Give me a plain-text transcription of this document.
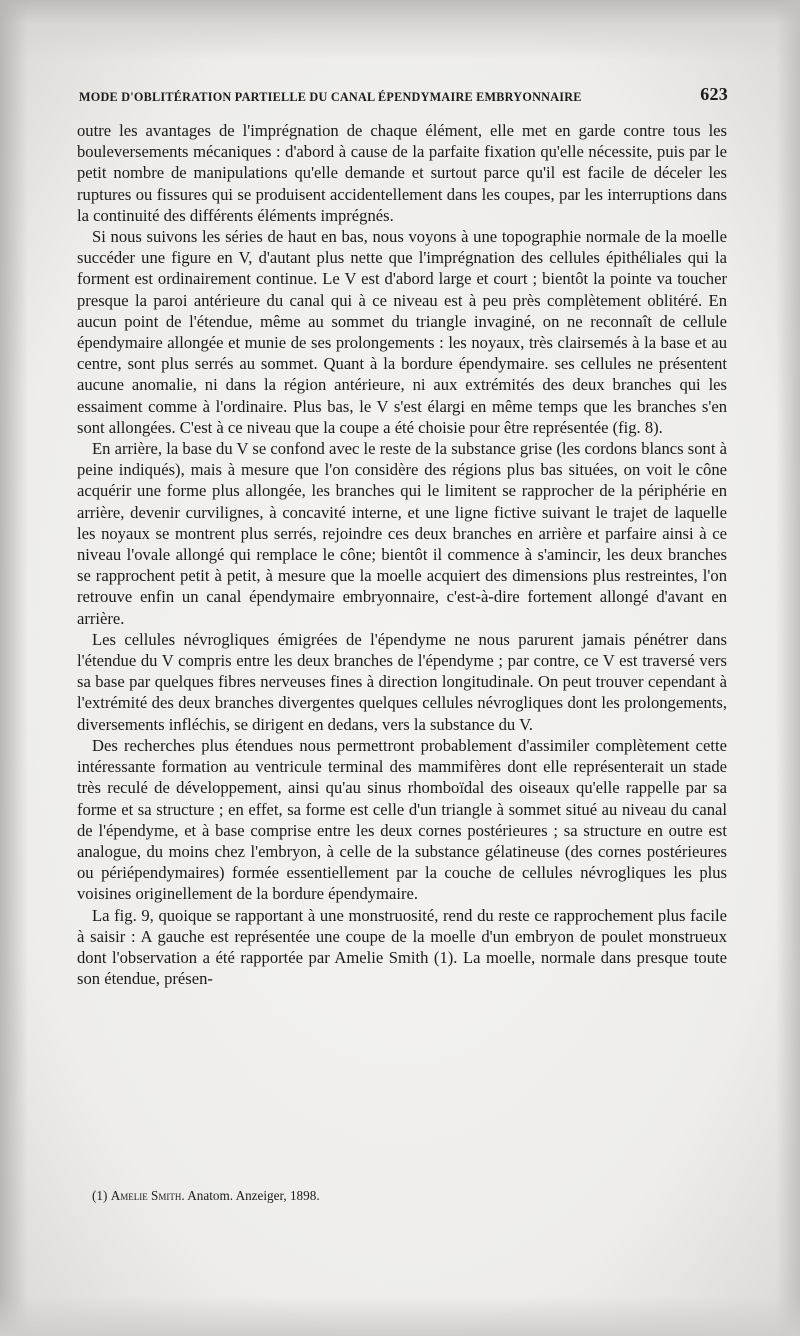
MODE D'OBLITÉRATION PARTIELLE DU CANAL ÉPENDYMAIRE EMBRYONNAIRE	623

outre les avantages de l'imprégnation de chaque élément, elle met en garde contre tous les bouleversements mécaniques : d'abord à cause de la parfaite fixation qu'elle nécessite, puis par le petit nombre de manipulations qu'elle demande et surtout parce qu'il est facile de déceler les ruptures ou fissures qui se produisent accidentellement dans les coupes, par les interruptions dans la continuité des différents éléments imprégnés.

Si nous suivons les séries de haut en bas, nous voyons à une topographie normale de la moelle succéder une figure en V, d'autant plus nette que l'imprégnation des cellules épithéliales qui la forment est ordinairement continue. Le V est d'abord large et court ; bientôt la pointe va toucher presque la paroi antérieure du canal qui à ce niveau est à peu près complètement oblitéré. En aucun point de l'étendue, même au sommet du triangle invaginé, on ne reconnaît de cellule épendymaire allongée et munie de ses prolongements : les noyaux, très clairsemés à la base et au centre, sont plus serrés au sommet. Quant à la bordure épendymaire. ses cellules ne présentent aucune anomalie, ni dans la région antérieure, ni aux extrémités des deux branches qui les essaiment comme à l'ordinaire. Plus bas, le V s'est élargi en même temps que les branches s'en sont allongées. C'est à ce niveau que la coupe a été choisie pour être représentée (fig. 8).

En arrière, la base du V se confond avec le reste de la substance grise (les cordons blancs sont à peine indiqués), mais à mesure que l'on considère des régions plus bas situées, on voit le cône acquérir une forme plus allongée, les branches qui le limitent se rapprocher de la périphérie en arrière, devenir curvilignes, à concavité interne, et une ligne fictive suivant le trajet de laquelle les noyaux se montrent plus serrés, rejoindre ces deux branches en arrière et parfaire ainsi à ce niveau l'ovale allongé qui remplace le cône; bientôt il commence à s'amincir, les deux branches se rapprochent petit à petit, à mesure que la moelle acquiert des dimensions plus restreintes, l'on retrouve enfin un canal épendymaire embryonnaire, c'est-à-dire fortement allongé d'avant en arrière.

Les cellules névrogliques émigrées de l'épendyme ne nous parurent jamais pénétrer dans l'étendue du V compris entre les deux branches de l'épendyme ; par contre, ce V est traversé vers sa base par quelques fibres nerveuses fines à direction longitudinale. On peut trouver cependant à l'extrémité des deux branches divergentes quelques cellules névrogliques dont les prolongements, diversements infléchis, se dirigent en dedans, vers la substance du V.

Des recherches plus étendues nous permettront probablement d'assimiler complètement cette intéressante formation au ventricule terminal des mammifères dont elle représenterait un stade très reculé de développement, ainsi qu'au sinus rhomboïdal des oiseaux qu'elle rappelle par sa forme et sa structure ; en effet, sa forme est celle d'un triangle à sommet situé au niveau du canal de l'épendyme, et à base comprise entre les deux cornes postérieures ; sa structure en outre est analogue, du moins chez l'embryon, à celle de la substance gélatineuse (des cornes postérieures ou périépendymaires) formée essentiellement par la couche de cellules névrogliques les plus voisines originellement de la bordure épendymaire.

La fig. 9, quoique se rapportant à une monstruosité, rend du reste ce rapprochement plus facile à saisir : A gauche est représentée une coupe de la moelle d'un embryon de poulet monstrueux dont l'observation a été rapportée par Amelie Smith (1). La moelle, normale dans presque toute son étendue, présen-

(1) Amelie Smith. Anatom. Anzeiger, 1898.
